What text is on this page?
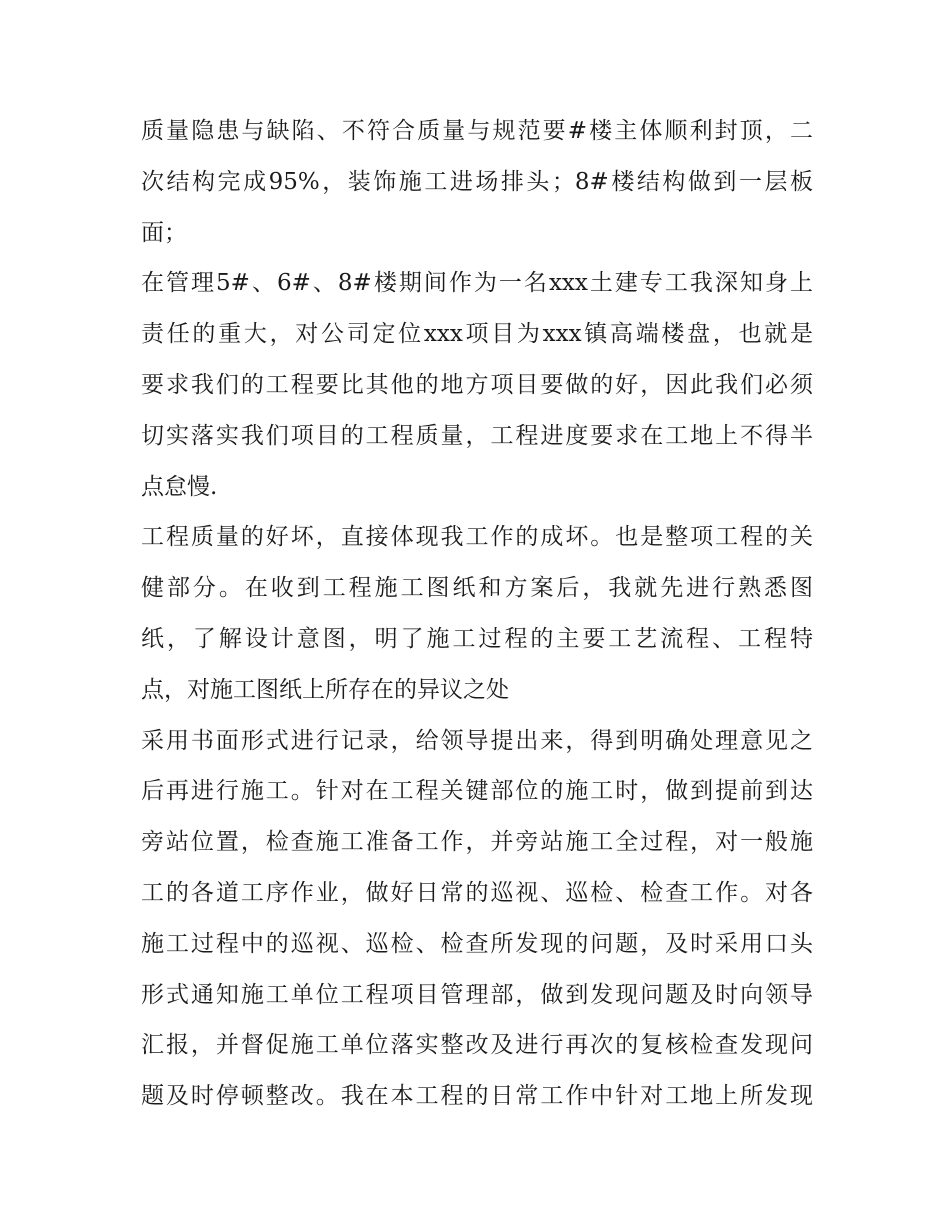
质量隐患与缺陷、不符合质量与规范要#楼主体顺利封顶，二
次结构完成95%，装饰施工进场排头；8#楼结构做到一层板
面；
在管理5#、6#、8#楼期间作为一名xxx土建专工我深知身上
责任的重大，对公司定位xxx项目为xxx镇高端楼盘，也就是
要求我们的工程要比其他的地方项目要做的好，因此我们必须
切实落实我们项目的工程质量，工程进度要求在工地上不得半
点怠慢.
工程质量的好坏，直接体现我工作的成坏。也是整项工程的关
健部分。在收到工程施工图纸和方案后，我就先进行熟悉图
纸，了解设计意图，明了施工过程的主要工艺流程、工程特
点，对施工图纸上所存在的异议之处
采用书面形式进行记录，给领导提出来，得到明确处理意见之
后再进行施工。针对在工程关键部位的施工时，做到提前到达
旁站位置，检查施工准备工作，并旁站施工全过程，对一般施
工的各道工序作业，做好日常的巡视、巡检、检查工作。对各
施工过程中的巡视、巡检、检查所发现的问题，及时采用口头
形式通知施工单位工程项目管理部，做到发现问题及时向领导
汇报，并督促施工单位落实整改及进行再次的复核检查发现问
题及时停顿整改。我在本工程的日常工作中针对工地上所发现
